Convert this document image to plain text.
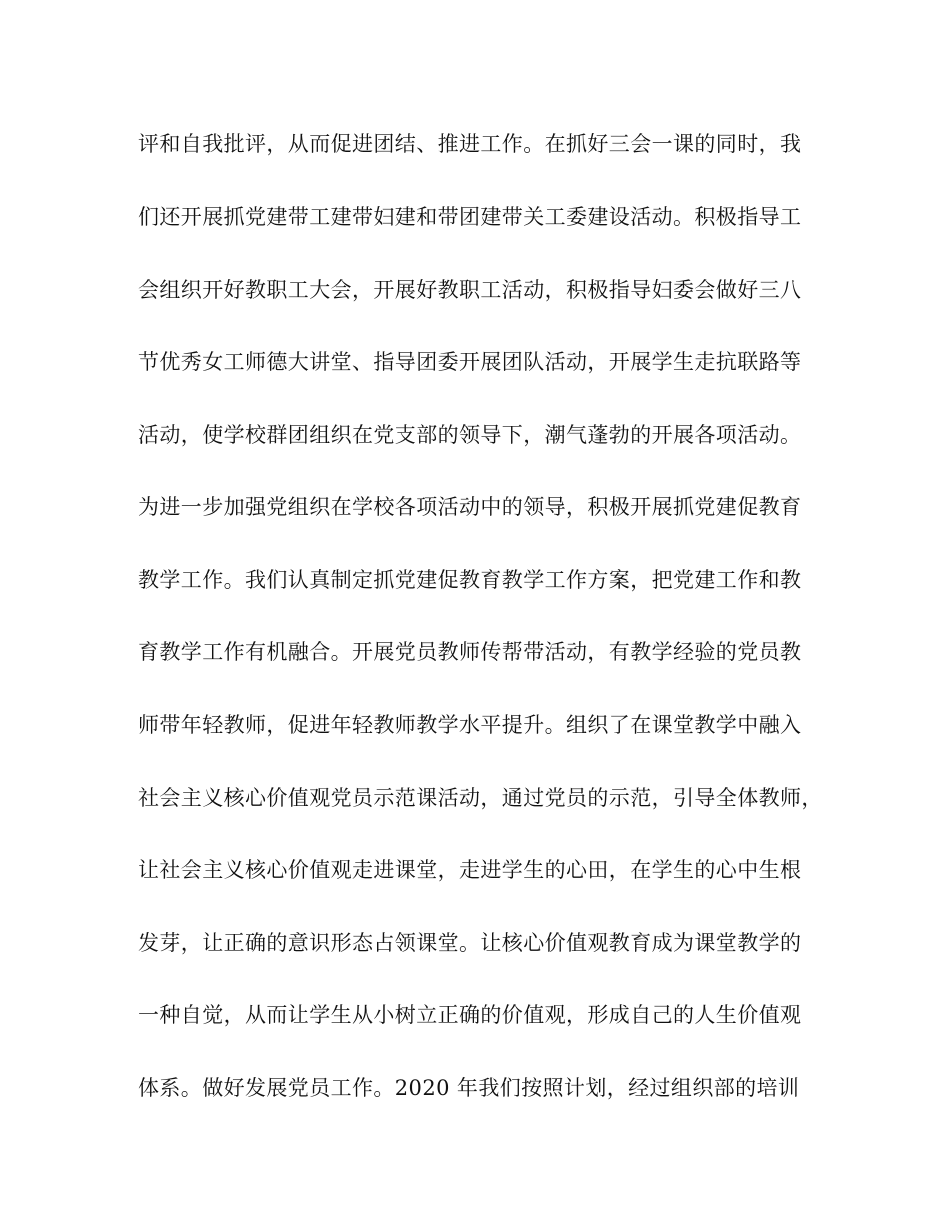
评和自我批评，从而促进团结、推进工作。在抓好三会一课的同时，我
们还开展抓党建带工建带妇建和带团建带关工委建设活动。积极指导工
会组织开好教职工大会，开展好教职工活动，积极指导妇委会做好三八
节优秀女工师德大讲堂、指导团委开展团队活动，开展学生走抗联路等
活动，使学校群团组织在党支部的领导下，潮气蓬勃的开展各项活动。
为进一步加强党组织在学校各项活动中的领导，积极开展抓党建促教育
教学工作。我们认真制定抓党建促教育教学工作方案，把党建工作和教
育教学工作有机融合。开展党员教师传帮带活动，有教学经验的党员教
师带年轻教师，促进年轻教师教学水平提升。组织了在课堂教学中融入
社会主义核心价值观党员示范课活动，通过党员的示范，引导全体教师，
让社会主义核心价值观走进课堂，走进学生的心田，在学生的心中生根
发芽，让正确的意识形态占领课堂。让核心价值观教育成为课堂教学的
一种自觉，从而让学生从小树立正确的价值观，形成自己的人生价值观
体系。做好发展党员工作。2020 年我们按照计划，经过组织部的培训
